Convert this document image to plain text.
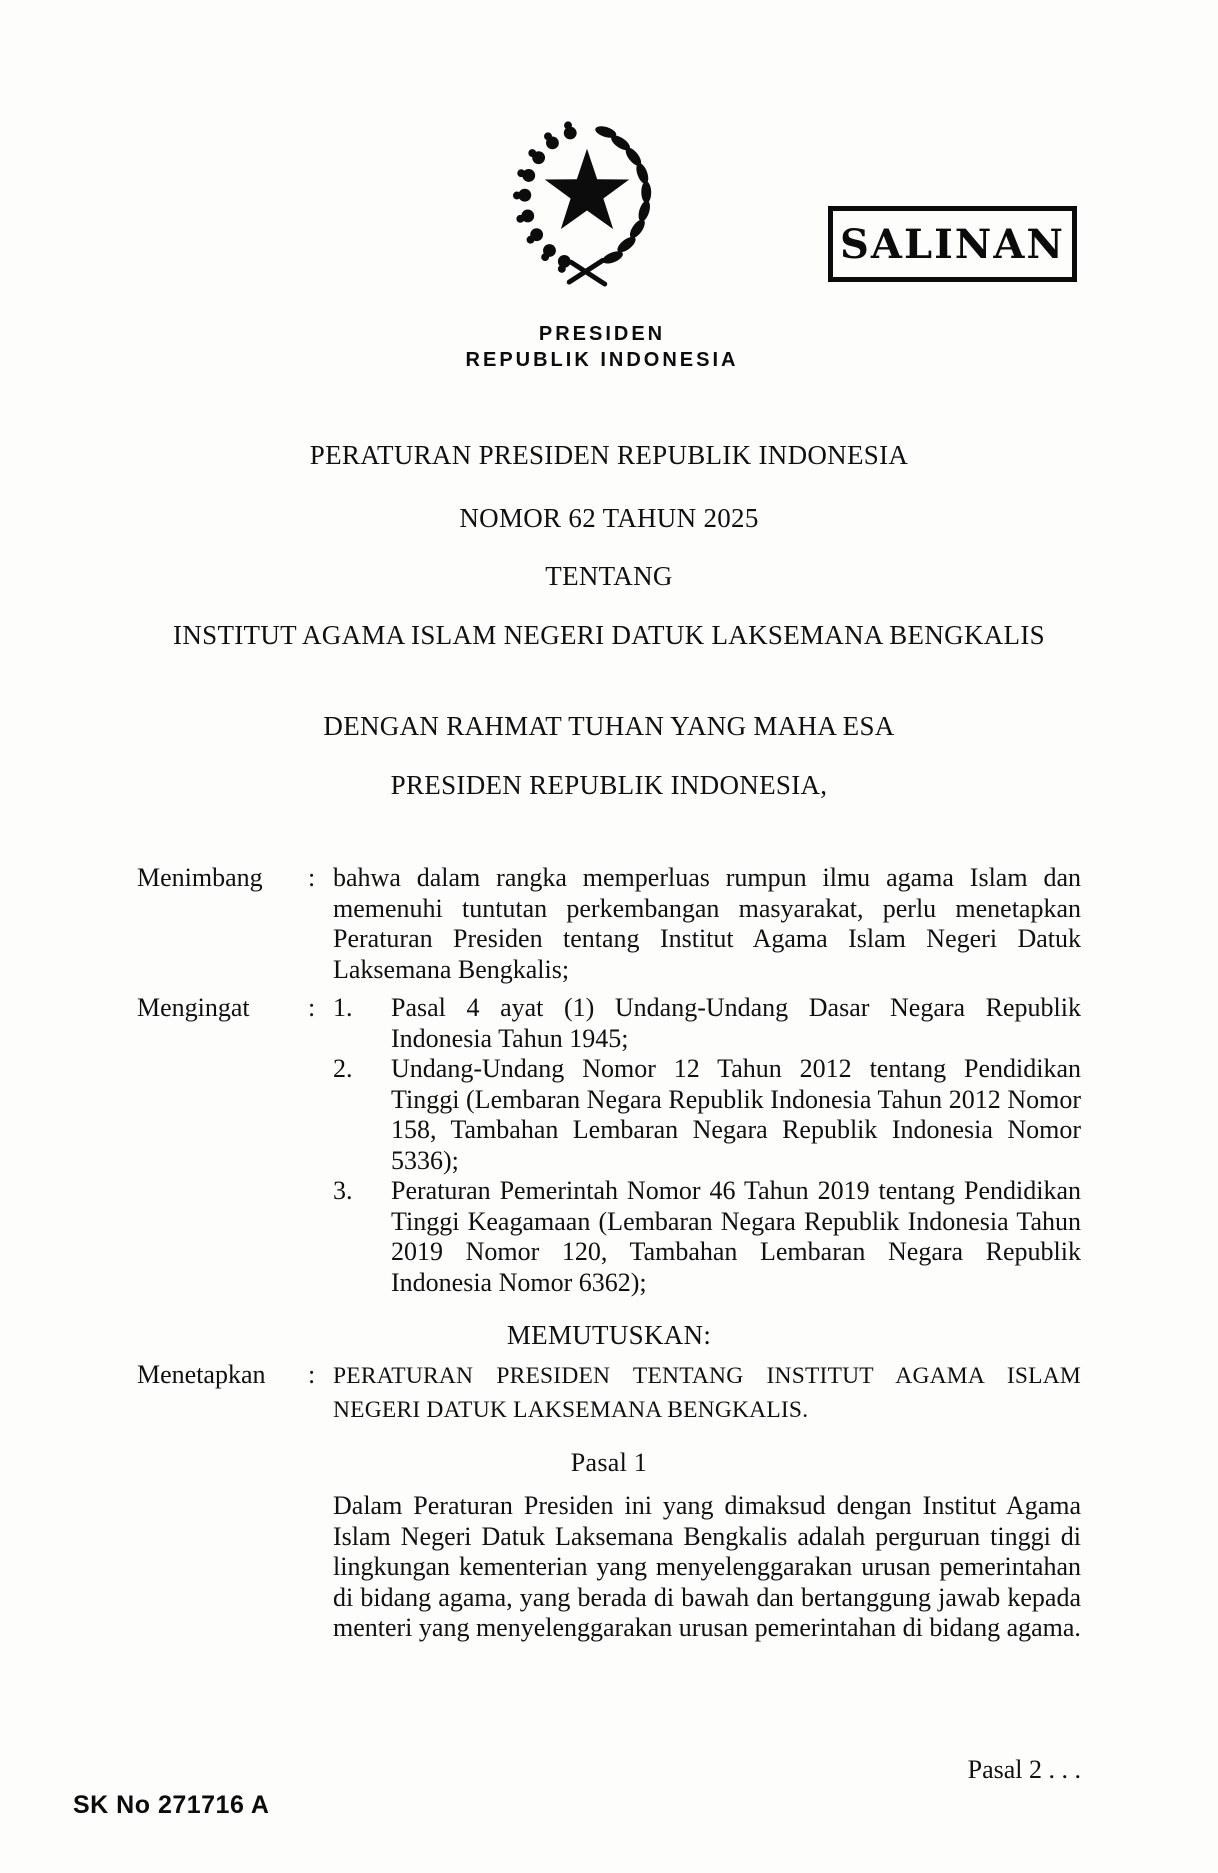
PRESIDEN
REPUBLIK INDONESIA
SALINAN
PERATURAN PRESIDEN REPUBLIK INDONESIA
NOMOR 62 TAHUN 2025
TENTANG
INSTITUT AGAMA ISLAM NEGERI DATUK LAKSEMANA BENGKALIS
DENGAN RAHMAT TUHAN YANG MAHA ESA
PRESIDEN REPUBLIK INDONESIA,
Menimbang	: bahwa dalam rangka memperluas rumpun ilmu agama Islam dan memenuhi tuntutan perkembangan masyarakat, perlu menetapkan Peraturan Presiden tentang Institut Agama Islam Negeri Datuk Laksemana Bengkalis;
Mengingat	: 1.	Pasal 4 ayat (1) Undang-Undang Dasar Negara Republik Indonesia Tahun 1945;
2.	Undang-Undang Nomor 12 Tahun 2012 tentang Pendidikan Tinggi (Lembaran Negara Republik Indonesia Tahun 2012 Nomor 158, Tambahan Lembaran Negara Republik Indonesia Nomor 5336);
3.	Peraturan Pemerintah Nomor 46 Tahun 2019 tentang Pendidikan Tinggi Keagamaan (Lembaran Negara Republik Indonesia Tahun 2019 Nomor 120, Tambahan Lembaran Negara Republik Indonesia Nomor 6362);
MEMUTUSKAN:
Menetapkan	: PERATURAN PRESIDEN TENTANG INSTITUT AGAMA ISLAM NEGERI DATUK LAKSEMANA BENGKALIS.
Pasal 1
Dalam Peraturan Presiden ini yang dimaksud dengan Institut Agama Islam Negeri Datuk Laksemana Bengkalis adalah perguruan tinggi di lingkungan kementerian yang menyelenggarakan urusan pemerintahan di bidang agama, yang berada di bawah dan bertanggung jawab kepada menteri yang menyelenggarakan urusan pemerintahan di bidang agama.
Pasal 2 . . .
SK No 271716 A
